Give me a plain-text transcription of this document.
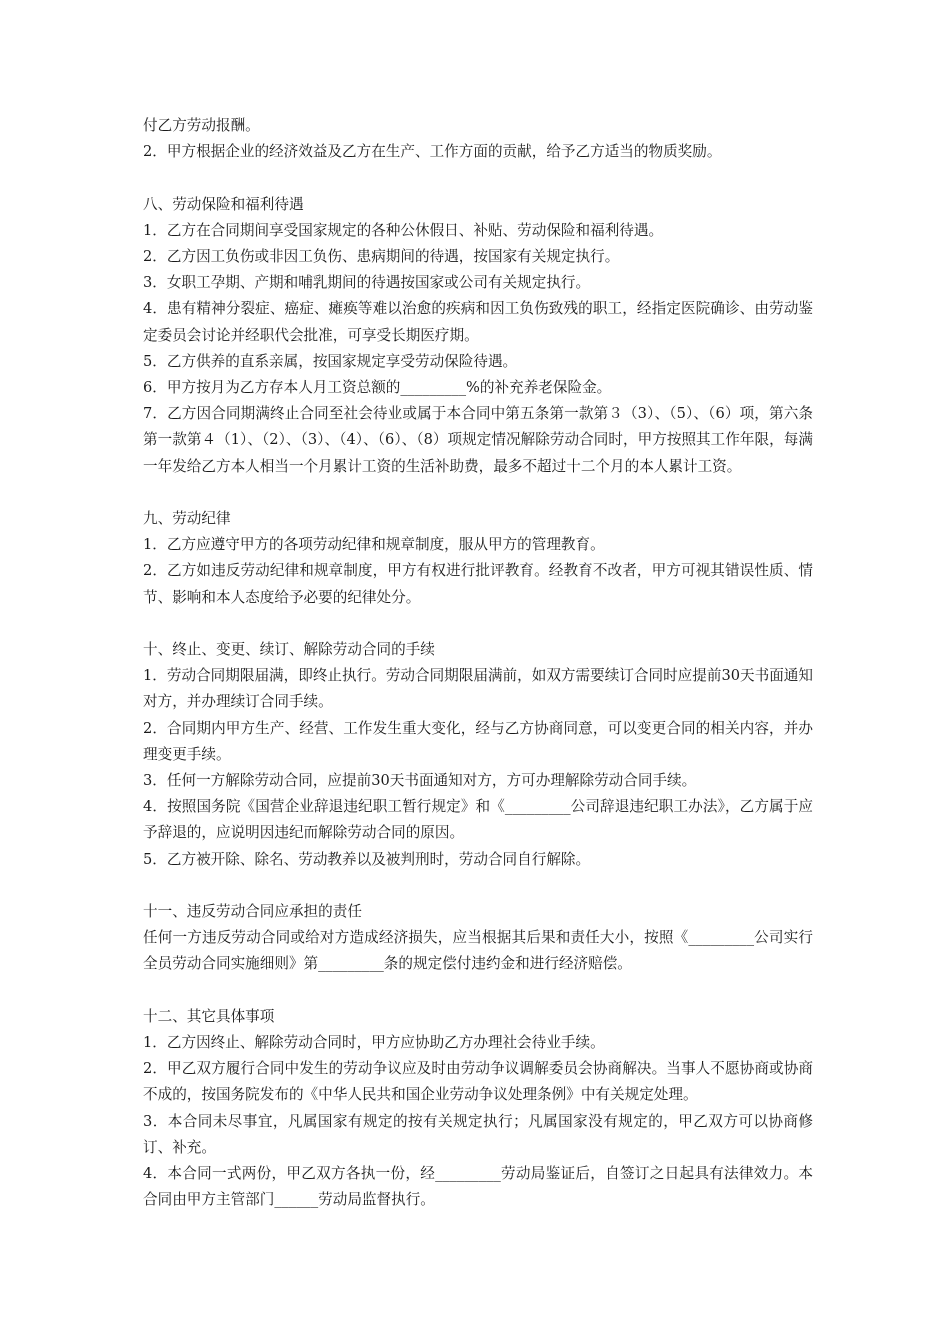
付乙方劳动报酬。

2．甲方根据企业的经济效益及乙方在生产、工作方面的贡献，给予乙方适当的物质奖励。

八、劳动保险和福利待遇

1．乙方在合同期间享受国家规定的各种公休假日、补贴、劳动保险和福利待遇。

2．乙方因工负伤或非因工负伤、患病期间的待遇，按国家有关规定执行。

3．女职工孕期、产期和哺乳期间的待遇按国家或公司有关规定执行。

4．患有精神分裂症、癌症、瘫痪等难以治愈的疾病和因工负伤致残的职工，经指定医院确诊、由劳动鉴定委员会讨论并经职代会批准，可享受长期医疗期。

5．乙方供养的直系亲属，按国家规定享受劳动保险待遇。

6．甲方按月为乙方存本人月工资总额的_________%的补充养老保险金。

7．乙方因合同期满终止合同至社会待业或属于本合同中第五条第一款第３（3）、（5）、（6）项，第六条第一款第４（1）、（2）、（3）、（4）、（6）、（8）项规定情况解除劳动合同时，甲方按照其工作年限，每满一年发给乙方本人相当一个月累计工资的生活补助费，最多不超过十二个月的本人累计工资。

九、劳动纪律

1．乙方应遵守甲方的各项劳动纪律和规章制度，服从甲方的管理教育。

2．乙方如违反劳动纪律和规章制度，甲方有权进行批评教育。经教育不改者，甲方可视其错误性质、情节、影响和本人态度给予必要的纪律处分。

十、终止、变更、续订、解除劳动合同的手续

1．劳动合同期限届满，即终止执行。劳动合同期限届满前，如双方需要续订合同时应提前30天书面通知对方，并办理续订合同手续。

2．合同期内甲方生产、经营、工作发生重大变化，经与乙方协商同意，可以变更合同的相关内容，并办理变更手续。

3．任何一方解除劳动合同，应提前30天书面通知对方，方可办理解除劳动合同手续。

4．按照国务院《国营企业辞退违纪职工暂行规定》和《_________公司辞退违纪职工办法》，乙方属于应予辞退的，应说明因违纪而解除劳动合同的原因。

5．乙方被开除、除名、劳动教养以及被判刑时，劳动合同自行解除。

十一、违反劳动合同应承担的责任

任何一方违反劳动合同或给对方造成经济损失，应当根据其后果和责任大小，按照《_________公司实行全员劳动合同实施细则》第_________条的规定偿付违约金和进行经济赔偿。

十二、其它具体事项

1．乙方因终止、解除劳动合同时，甲方应协助乙方办理社会待业手续。

2．甲乙双方履行合同中发生的劳动争议应及时由劳动争议调解委员会协商解决。当事人不愿协商或协商不成的，按国务院发布的《中华人民共和国企业劳动争议处理条例》中有关规定处理。

3．本合同未尽事宜，凡属国家有规定的按有关规定执行；凡属国家没有规定的，甲乙双方可以协商修订、补充。

4．本合同一式两份，甲乙双方各执一份，经_________劳动局鉴证后，自签订之日起具有法律效力。本合同由甲方主管部门______劳动局监督执行。
